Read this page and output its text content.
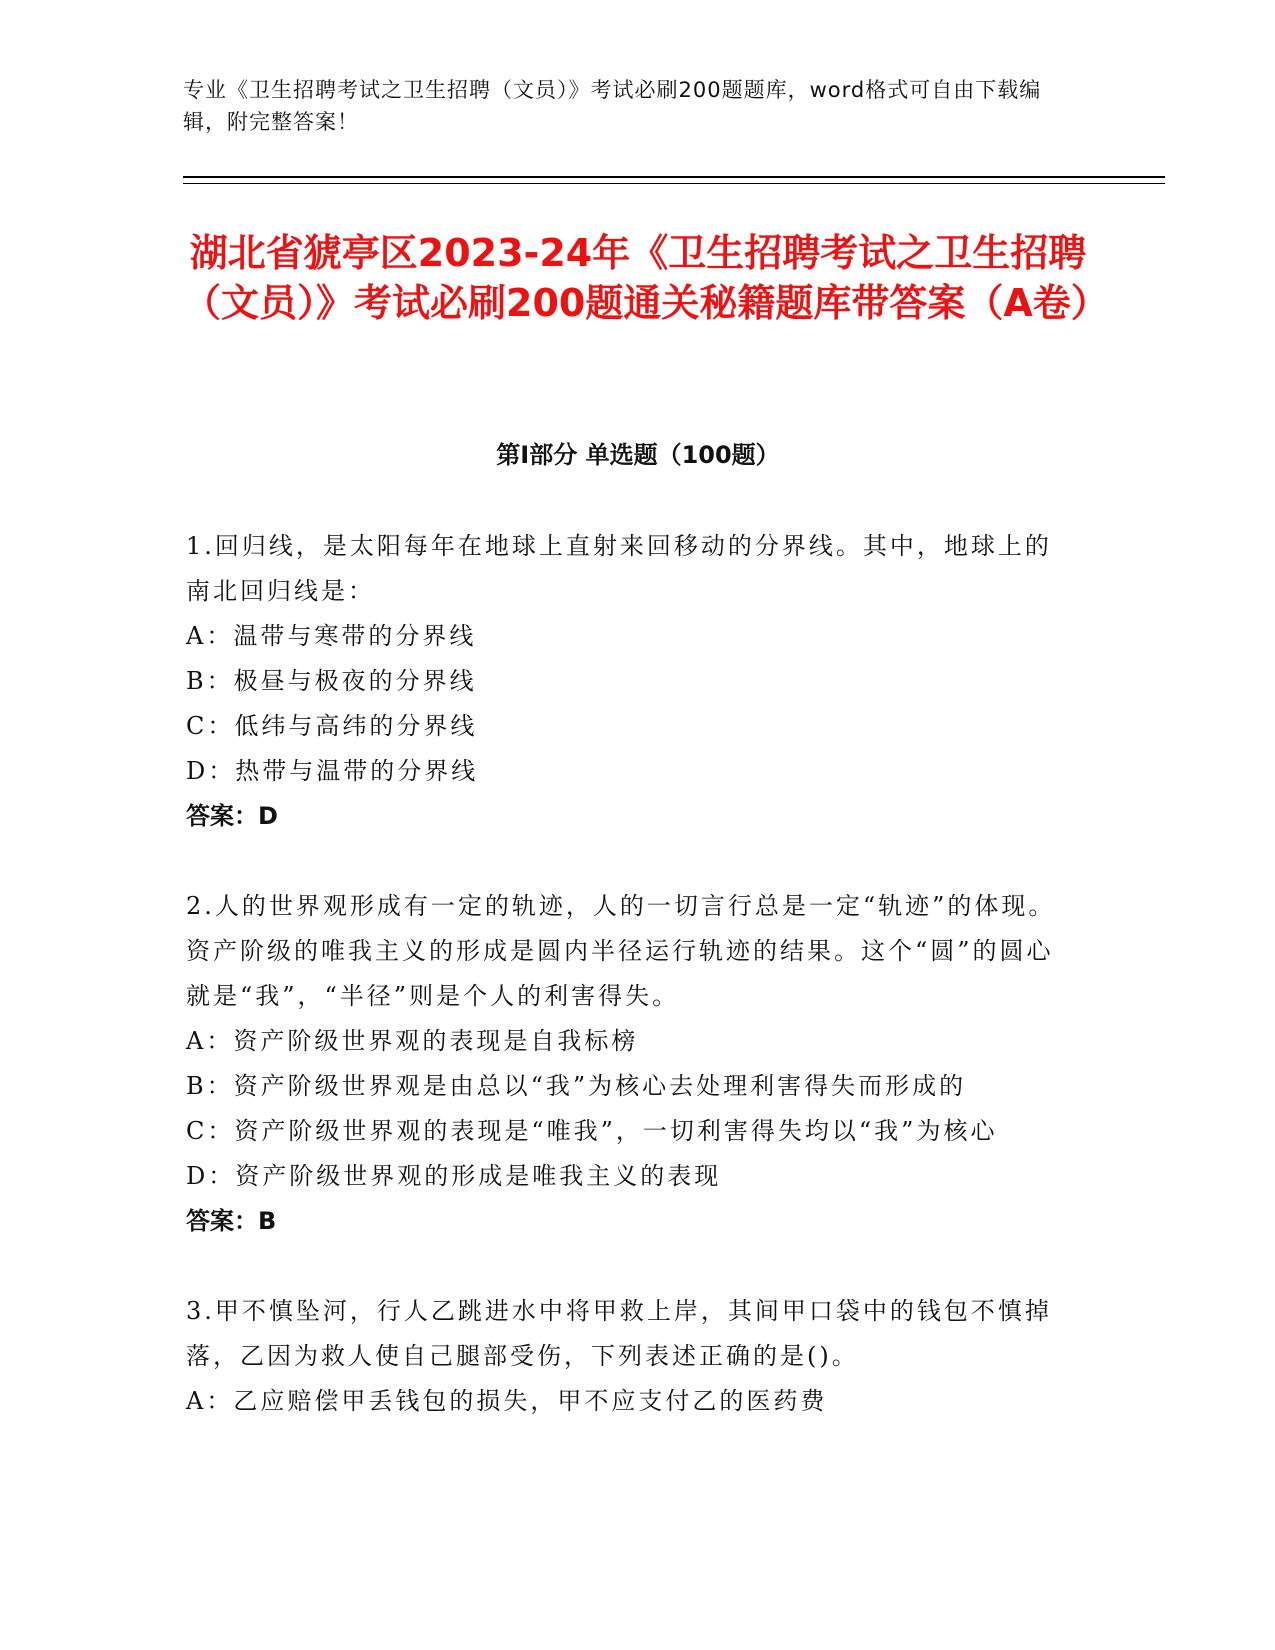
专业《卫生招聘考试之卫生招聘（文员）》考试必刷200题题库，word格式可自由下载编辑，附完整答案！
湖北省猇亭区2023-24年《卫生招聘考试之卫生招聘（文员）》考试必刷200题通关秘籍题库带答案（A卷）
第I部分 单选题（100题）
1.回归线，是太阳每年在地球上直射来回移动的分界线。其中，地球上的南北回归线是：
A：温带与寒带的分界线
B：极昼与极夜的分界线
C：低纬与高纬的分界线
D：热带与温带的分界线
答案：D
2.人的世界观形成有一定的轨迹，人的一切言行总是一定“轨迹”的体现。资产阶级的唯我主义的形成是圆内半径运行轨迹的结果。这个“圆”的圆心就是“我”，“半径”则是个人的利害得失。
A：资产阶级世界观的表现是自我标榜
B：资产阶级世界观是由总以“我”为核心去处理利害得失而形成的
C：资产阶级世界观的表现是“唯我”，一切利害得失均以“我”为核心
D：资产阶级世界观的形成是唯我主义的表现
答案：B
3.甲不慎坠河，行人乙跳进水中将甲救上岸，其间甲口袋中的钱包不慎掉落，乙因为救人使自己腿部受伤，下列表述正确的是()。
A：乙应赔偿甲丢钱包的损失，甲不应支付乙的医药费
